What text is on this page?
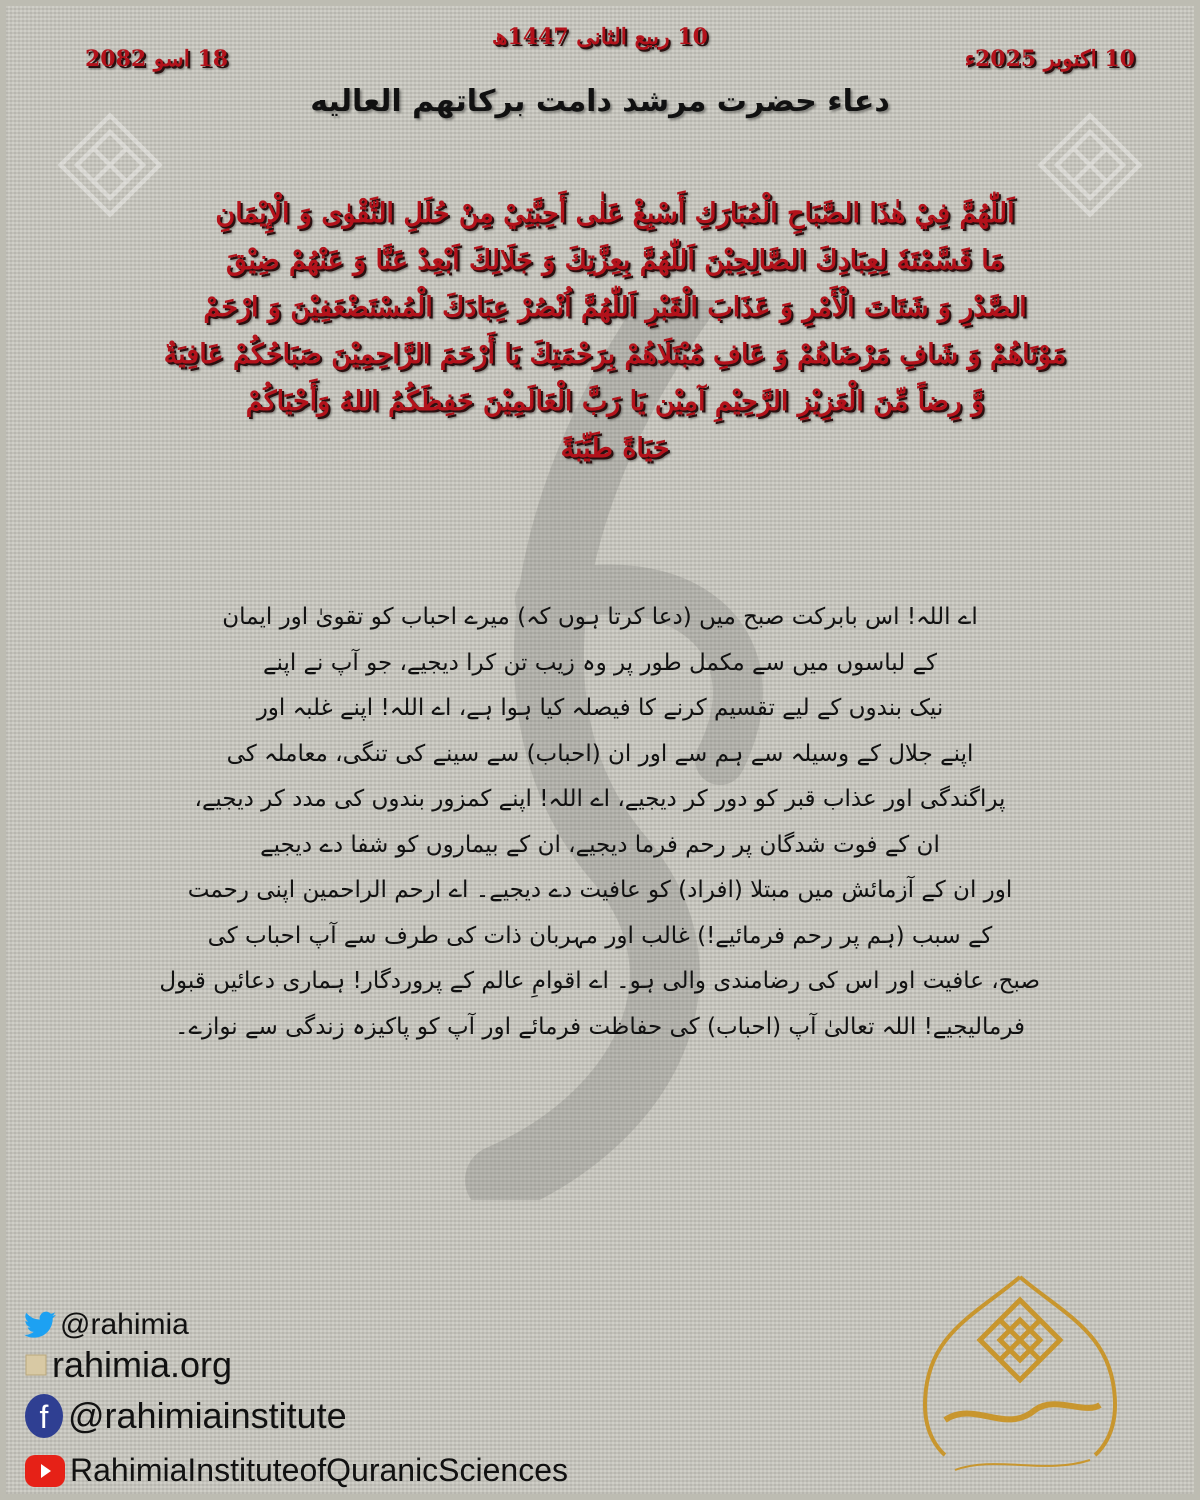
10 ربیع الثانی 1447ھ
10 اکتوبر 2025ء
18 اسو 2082
دعاء حضرت مرشد دامت برکاتهم العالیه
اَللّٰهُمَّ فِيْ هٰذَا الصَّبَاحِ الْمُبَارَكِ أَسْبِغْ عَلٰى أَحِبَّتِيْ مِنْ حُلَلِ التَّقْوٰى وَ الْإِيْمَانِ
مَا قَسَّمْتَهٗ لِعِبَادِكَ الصَّالِحِيْنَ اَللّٰهُمَّ بِعِزَّتِكَ وَ جَلَالِكَ اَبْعِدْ عَنَّا وَ عَنْهُمْ ضِيْقَ
الصَّدْرِ وَ شَتَاتَ الْأَمْرِ وَ عَذَابَ الْقَبْرِ اَللّٰهُمَّ اُنْصُرْ عِبَادَكَ الْمُسْتَضْعَفِيْنَ وَ ارْحَمْ
مَوْتَاهُمْ وَ شَافِ مَرْضَاهُمْ وَ عَافِ مُبْتَلَاهُمْ بِرَحْمَتِكَ يَا أَرْحَمَ الرَّاحِمِيْنَ صَبَاحُكُمْ عَافِيَةٌ
وَّ رِضاً مِّنَ الْعَزِيْزِ الرَّحِيْمِ آمِيْن يَا رَبَّ الْعَالَمِيْنَ حَفِظَكُمُ اللهُ وَأَحْيَاكُمْ
حَيَاةً طَيِّبَةً
اے اللہ! اس بابرکت صبح میں (دعا کرتا ہوں کہ) میرے احباب کو تقویٰ اور ایمان
کے لباسوں میں سے مکمل طور پر وہ زیب تن کرا دیجیے، جو آپ نے اپنے
نیک بندوں کے لیے تقسیم کرنے کا فیصلہ کیا ہوا ہے، اے اللہ! اپنے غلبہ اور
اپنے جلال کے وسیلہ سے ہم سے اور ان (احباب) سے سینے کی تنگی، معاملہ کی
پراگندگی اور عذاب قبر کو دور کر دیجیے، اے اللہ! اپنے کمزور بندوں کی مدد کر دیجیے،
ان کے فوت شدگان پر رحم فرما دیجیے، ان کے بیماروں کو شفا دے دیجیے
اور ان کے آزمائش میں مبتلا (افراد) کو عافیت دے دیجیے۔ اے ارحم الراحمین اپنی رحمت
کے سبب (ہم پر رحم فرمائیے!) غالب اور مہربان ذات کی طرف سے آپ احباب کی
صبح، عافیت اور اس کی رضامندی والی ہو۔ اے اقوامِ عالم کے پروردگار! ہماری دعائیں قبول
فرمالیجیے! اللہ تعالیٰ آپ (احباب) کی حفاظت فرمائے اور آپ کو پاکیزہ زندگی سے نوازے۔
@rahimia
rahimia.org
f @rahimiainstitute
RahimiaInstituteofQuranicSciences
